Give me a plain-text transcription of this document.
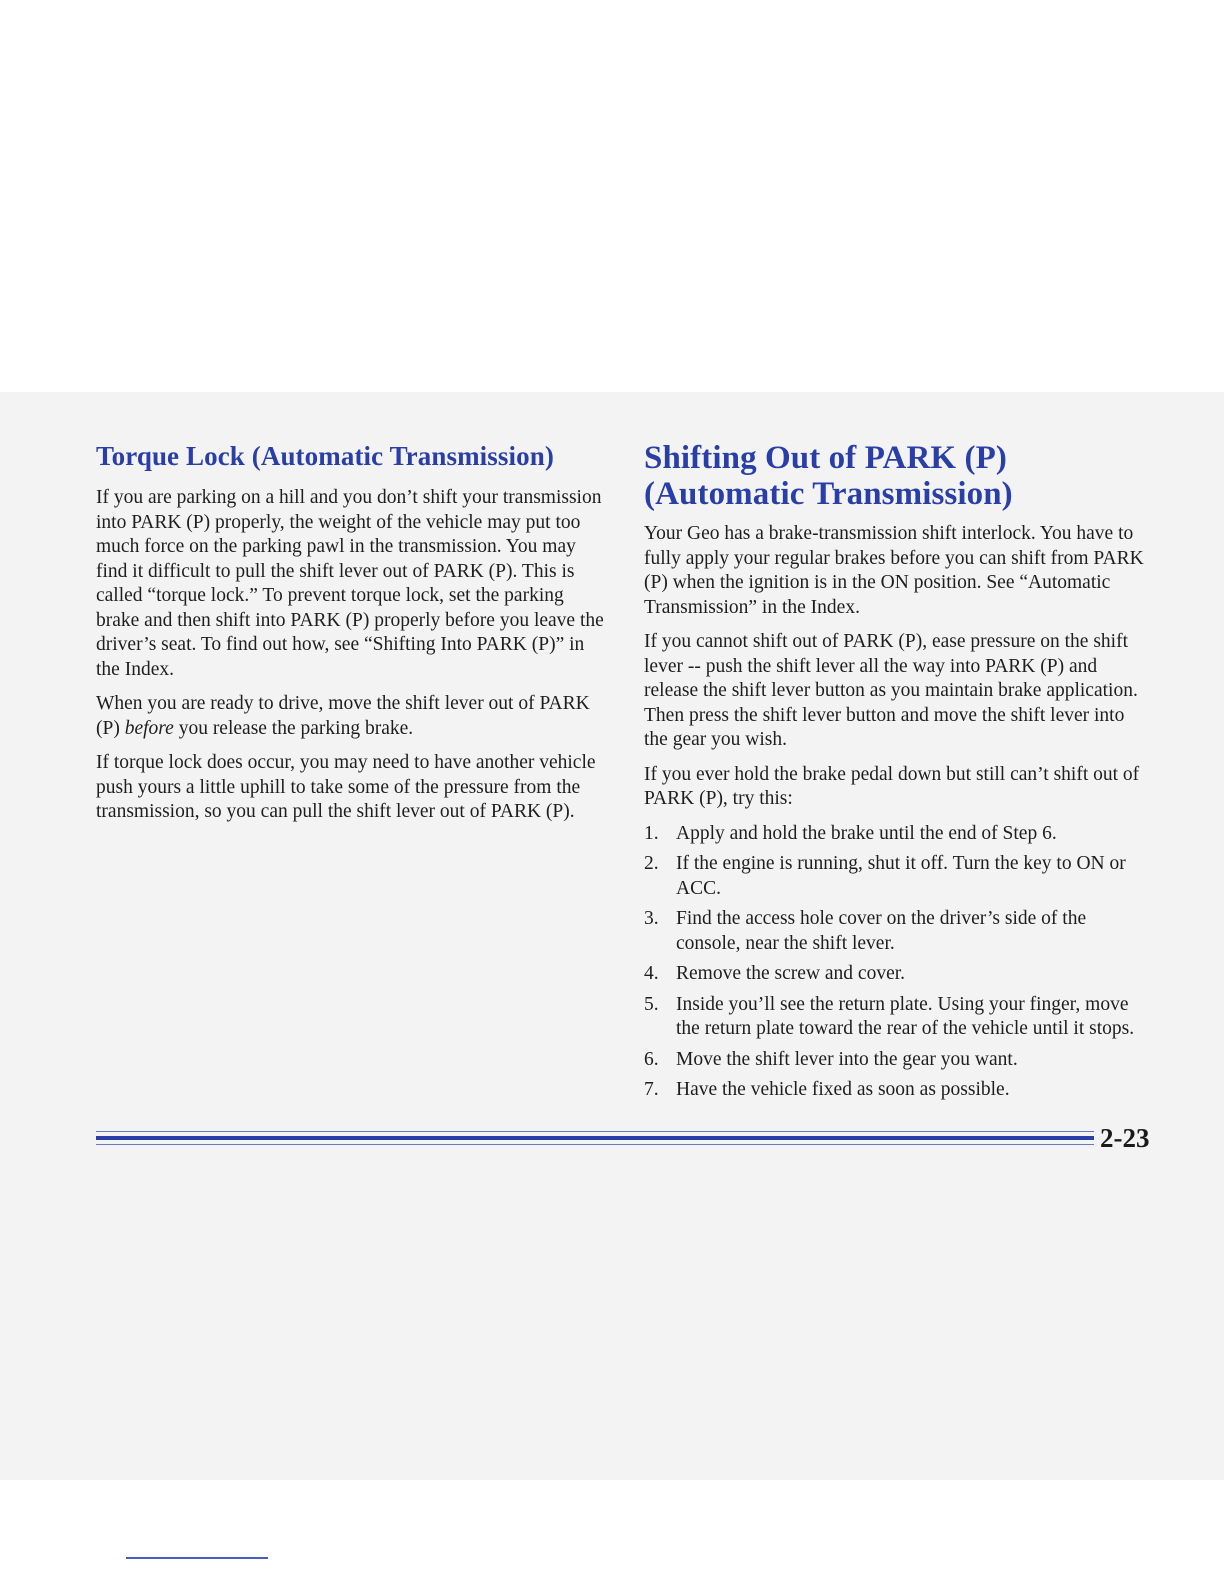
Torque Lock (Automatic Transmission)

If you are parking on a hill and you don’t shift your transmission into PARK (P) properly, the weight of the vehicle may put too much force on the parking pawl in the transmission. You may find it difficult to pull the shift lever out of PARK (P). This is called “torque lock.” To prevent torque lock, set the parking brake and then shift into PARK (P) properly before you leave the driver’s seat. To find out how, see “Shifting Into PARK (P)” in the Index.

When you are ready to drive, move the shift lever out of PARK (P) before you release the parking brake.

If torque lock does occur, you may need to have another vehicle push yours a little uphill to take some of the pressure from the transmission, so you can pull the shift lever out of PARK (P).

Shifting Out of PARK (P)
(Automatic Transmission)

Your Geo has a brake-transmission shift interlock. You have to fully apply your regular brakes before you can shift from PARK (P) when the ignition is in the ON position. See “Automatic Transmission” in the Index.

If you cannot shift out of PARK (P), ease pressure on the shift lever -- push the shift lever all the way into PARK (P) and release the shift lever button as you maintain brake application. Then press the shift lever button and move the shift lever into the gear you wish.

If you ever hold the brake pedal down but still can’t shift out of PARK (P), try this:

1. Apply and hold the brake until the end of Step 6.
2. If the engine is running, shut it off. Turn the key to ON or ACC.
3. Find the access hole cover on the driver’s side of the console, near the shift lever.
4. Remove the screw and cover.
5. Inside you’ll see the return plate. Using your finger, move the return plate toward the rear of the vehicle until it stops.
6. Move the shift lever into the gear you want.
7. Have the vehicle fixed as soon as possible.
2-23
